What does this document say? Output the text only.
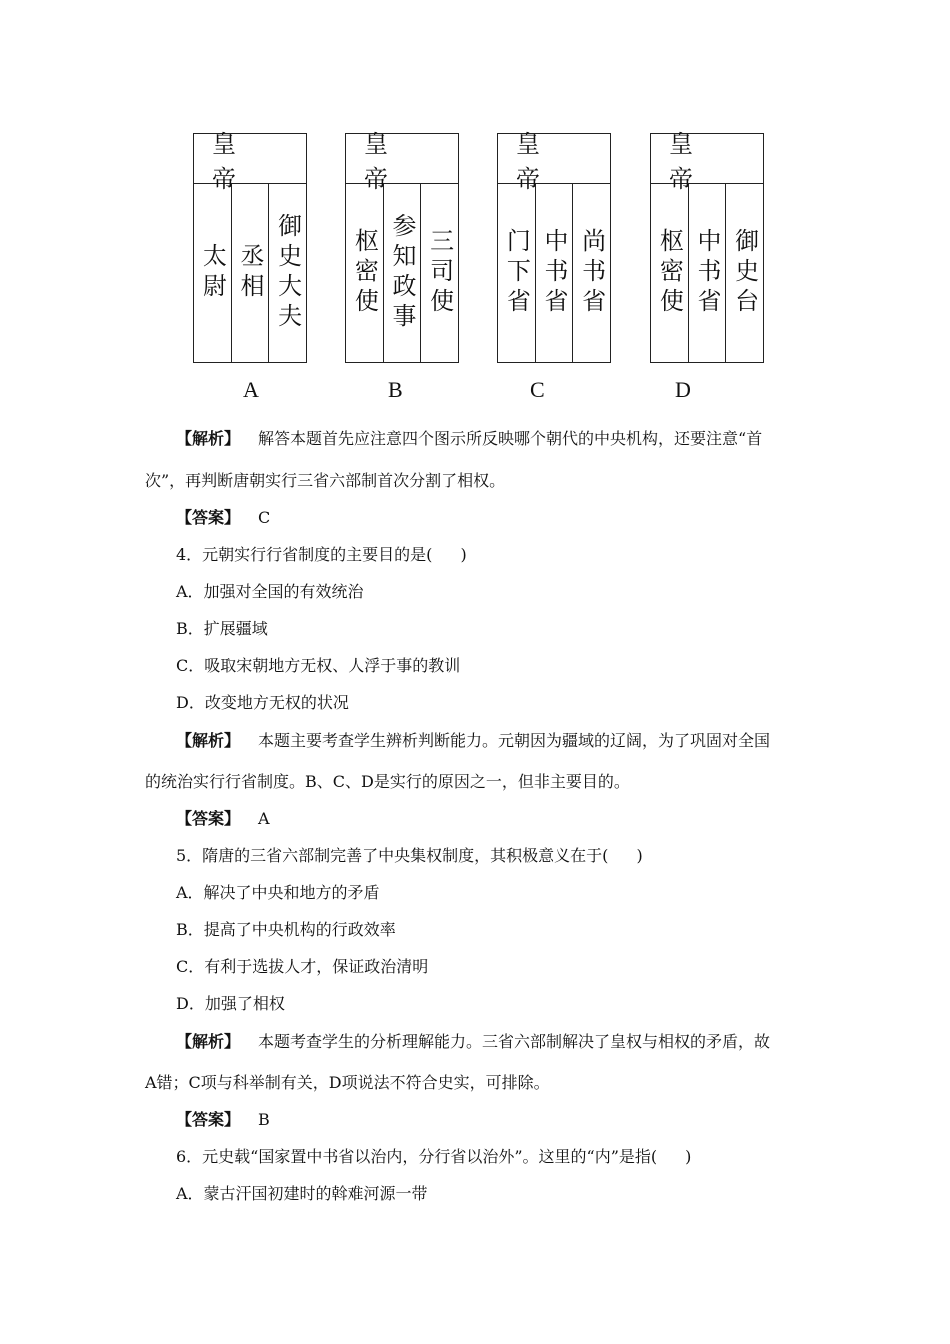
皇帝
太尉 丞相 御史大夫
A
皇帝
枢密使 参知政事 三司使
B
皇帝
门下省 中书省 尚书省
C
皇帝
枢密使 中书省 御史台
D
【解析】 解答本题首先应注意四个图示所反映哪个朝代的中央机构，还要注意“首
次”，再判断唐朝实行三省六部制首次分割了相权。
【答案】 C
4．元朝实行行省制度的主要目的是( )
A．加强对全国的有效统治
B．扩展疆域
C．吸取宋朝地方无权、人浮于事的教训
D．改变地方无权的状况
【解析】 本题主要考查学生辨析判断能力。元朝因为疆域的辽阔，为了巩固对全国
的统治实行行省制度。B、C、D是实行的原因之一，但非主要目的。
【答案】 A
5．隋唐的三省六部制完善了中央集权制度，其积极意义在于( )
A．解决了中央和地方的矛盾
B．提高了中央机构的行政效率
C．有利于选拔人才，保证政治清明
D．加强了相权
【解析】 本题考查学生的分析理解能力。三省六部制解决了皇权与相权的矛盾，故
A错；C项与科举制有关，D项说法不符合史实，可排除。
【答案】 B
6．元史载“国家置中书省以治内，分行省以治外”。这里的“内”是指( )
A．蒙古汗国初建时的斡难河源一带
